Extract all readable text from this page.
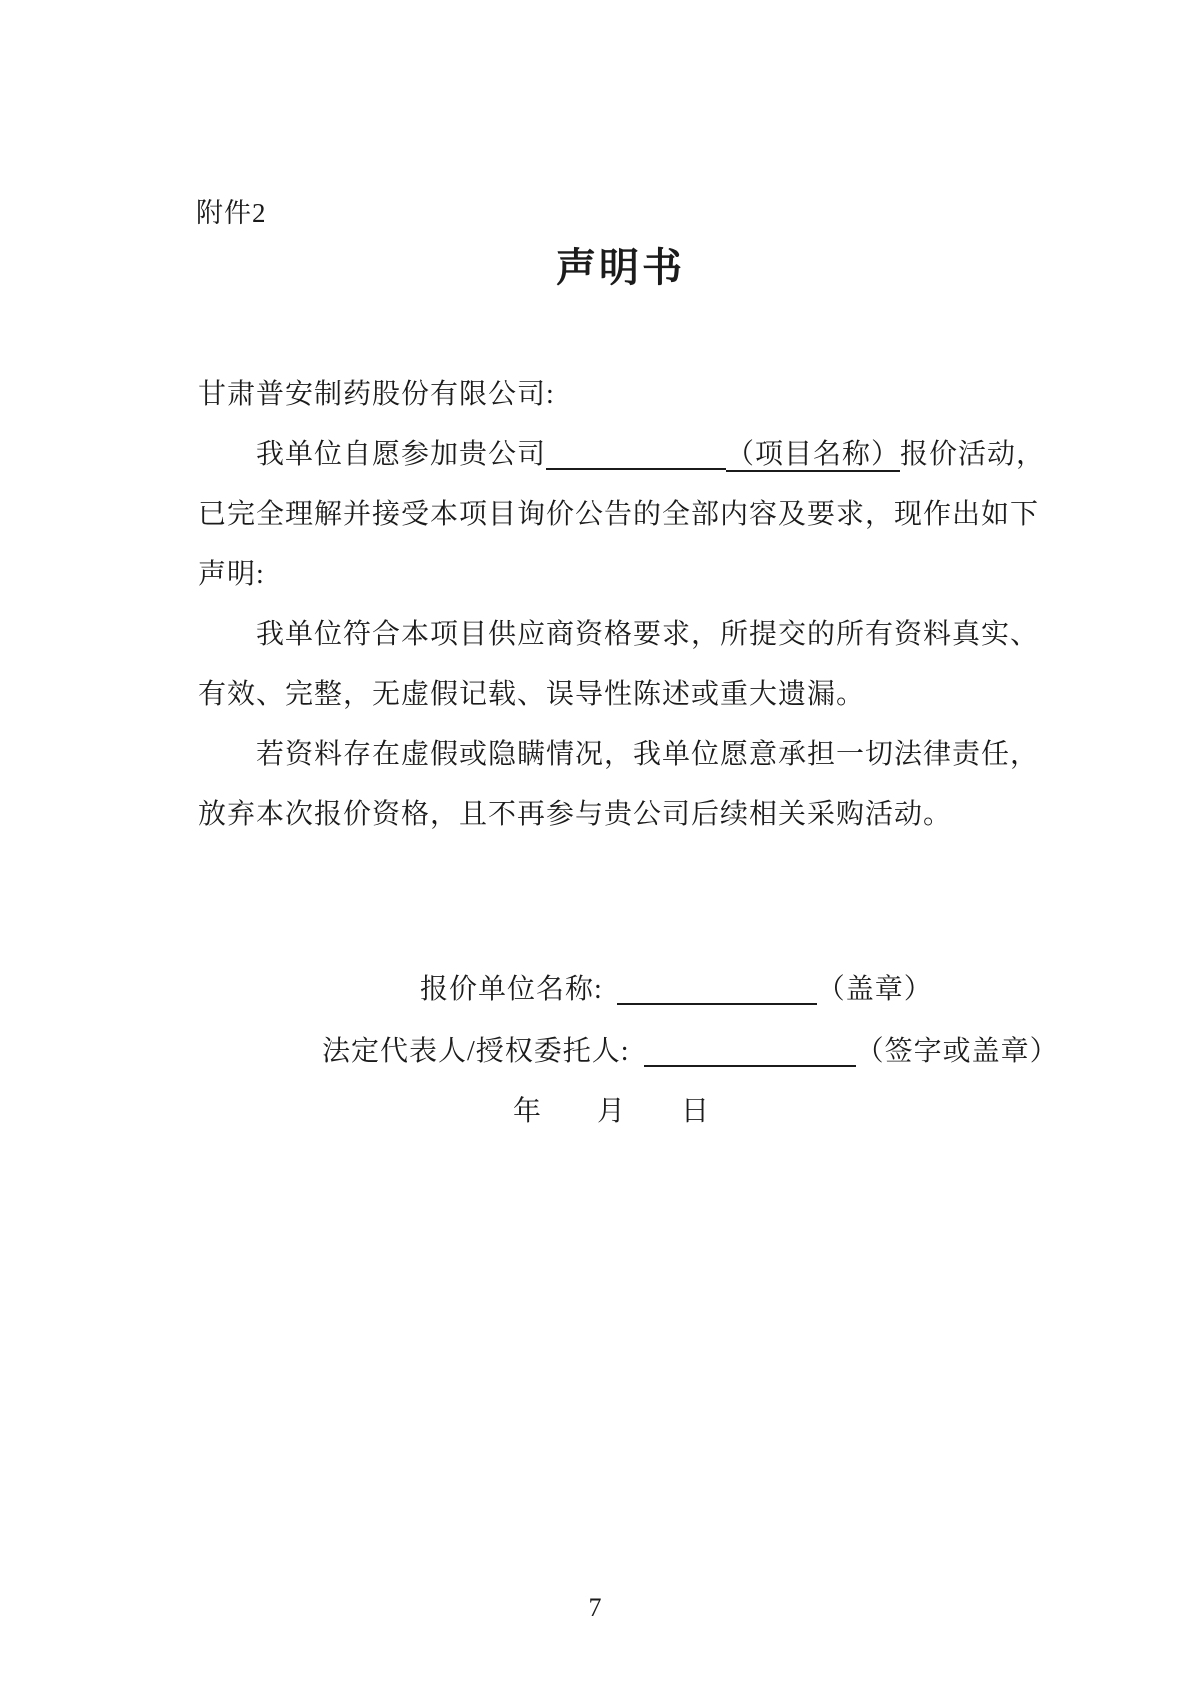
附件2
声明书
甘肃普安制药股份有限公司:
我单位自愿参加贵公司	（项目名称）报价活动，
已完全理解并接受本项目询价公告的全部内容及要求，现作出如下
声明:
我单位符合本项目供应商资格要求，所提交的所有资料真实、
有效、完整，无虚假记载、误导性陈述或重大遗漏。
若资料存在虚假或隐瞒情况，我单位愿意承担一切法律责任，
放弃本次报价资格，且不再参与贵公司后续相关采购活动。
报价单位名称:	（盖章）
法定代表人/授权委托人:	（签字或盖章）
年 月 日
7
